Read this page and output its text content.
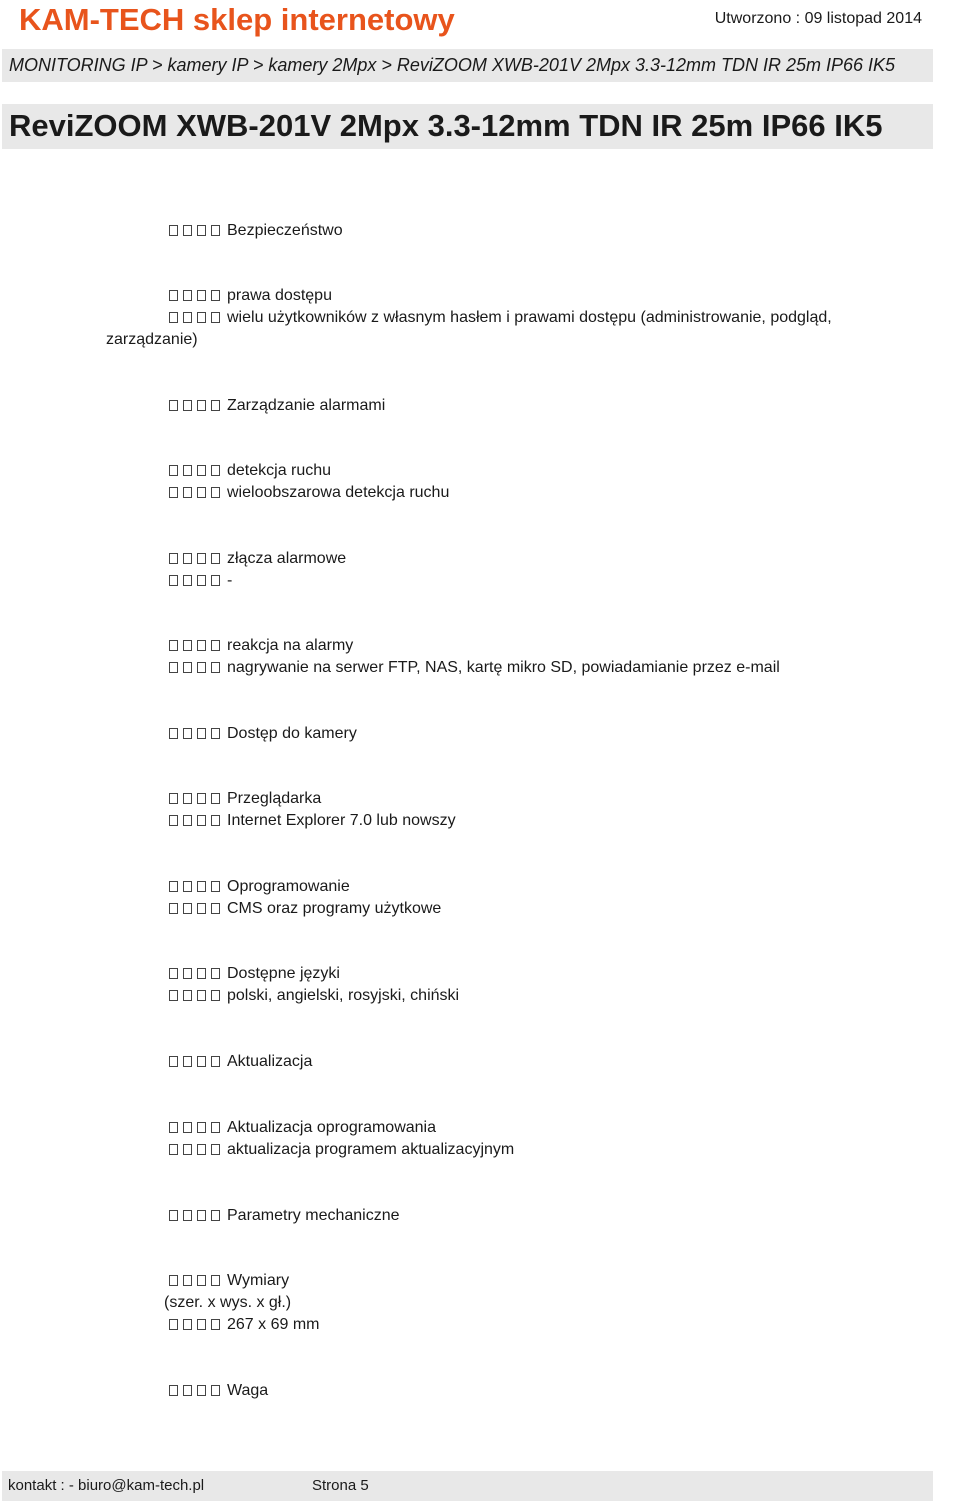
KAM-TECH sklep internetowy	Utworzono : 09 listopad 2014
MONITORING IP > kamery IP > kamery 2Mpx > ReviZOOM XWB-201V 2Mpx 3.3-12mm TDN IR 25m IP66 IK5
ReviZOOM XWB-201V 2Mpx 3.3-12mm TDN IR 25m IP66 IK5
Bezpieczeństwo
prawa dostępu
wielu użytkowników z własnym hasłem i prawami dostępu (administrowanie, podgląd,
zarządzanie)
Zarządzanie alarmami
detekcja ruchu
wieloobszarowa detekcja ruchu
złącza alarmowe
-
reakcja na alarmy
nagrywanie na serwer FTP, NAS, kartę mikro SD, powiadamianie przez e-mail
Dostęp do kamery
Przeglądarka
Internet Explorer 7.0 lub nowszy
Oprogramowanie
CMS oraz programy użytkowe
Dostępne języki
polski, angielski, rosyjski, chiński
Aktualizacja
Aktualizacja oprogramowania
aktualizacja programem aktualizacyjnym
Parametry mechaniczne
Wymiary
(szer. x wys. x gł.)
267 x 69 mm
Waga
kontakt : - biuro@kam-tech.pl	Strona 5
